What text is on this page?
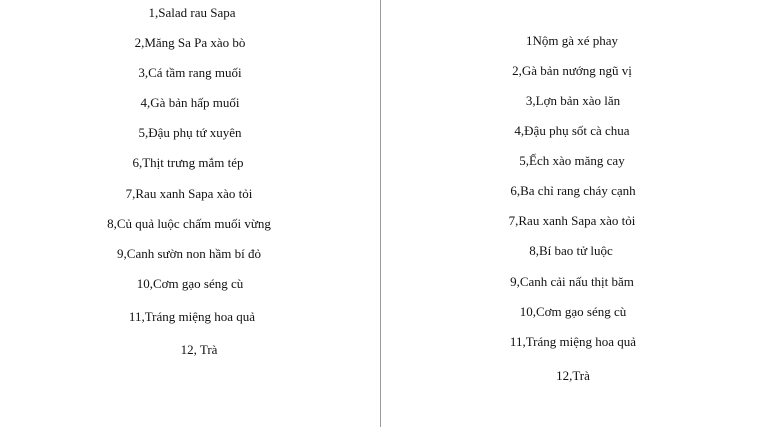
1,Salad rau Sapa
2,Măng Sa Pa xào bò
3,Cá tầm rang muối
4,Gà bản hấp muối
5,Đậu phụ tứ xuyên
6,Thịt trưng mắm tép
7,Rau xanh Sapa xào tỏi
8,Củ quả luộc chấm muối vừng
9,Canh sườn non hầm bí đỏ
10,Cơm gạo séng cù
11,Tráng miệng hoa quả
12, Trà
1Nộm gà xé phay
2,Gà bản nướng ngũ vị
3,Lợn bản xào lăn
4,Đậu phụ sốt cà chua
5,Ếch xào măng cay
6,Ba chỉ rang cháy cạnh
7,Rau xanh Sapa xào tỏi
8,Bí bao tử luộc
9,Canh cải nấu thịt băm
10,Cơm gạo séng cù
11,Tráng miệng hoa quả
12,Trà
